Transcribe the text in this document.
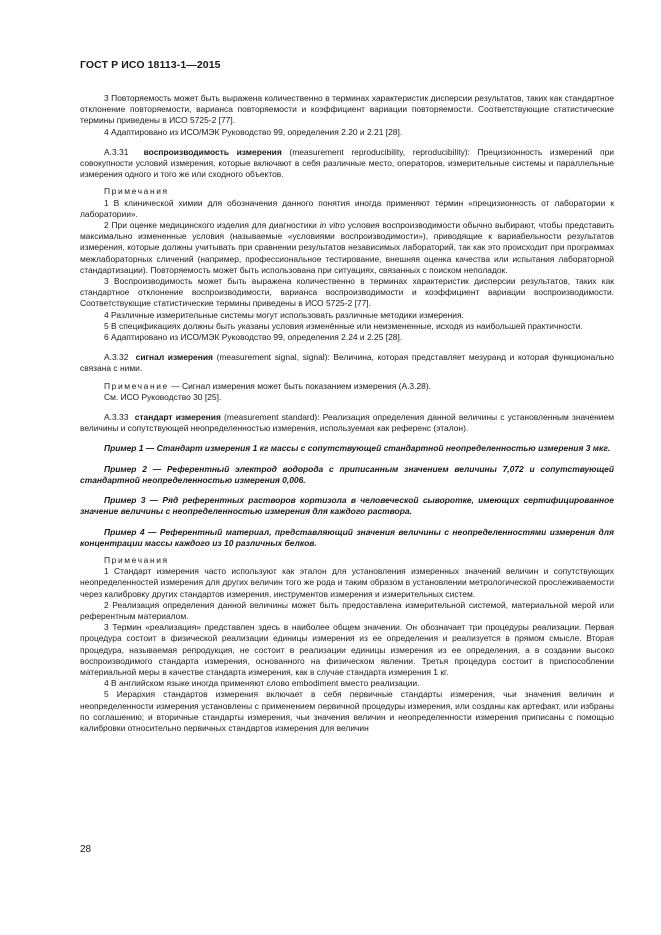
ГОСТ Р ИСО 18113-1—2015

3 Повторяемость может быть выражена количественно в терминах характеристик дисперсии результатов, таких как стандартное отклонение повторяемости, варианса повторяемости и коэффициент вариации повторяемости. Соответствующие статистические термины приведены в ИСО 5725-2 [77].

4 Адаптировано из ИСО/МЭК Руководство 99, определения 2.20 и 2.21 [28].

А.3.31 воспроизводимость измерения (measurement reproducibility, reproducibility): Прецизионность измерений при совокупности условий измерения, которые включают в себя различные место, операторов, измерительные системы и параллельные измерения одного и того же или сходного объектов.

Примечания

1 В клинической химии для обозначения данного понятия иногда применяют термин «прецизионность от лаборатории к лаборатории».

2 При оценке медицинского изделия для диагностики in vitro условия воспроизводимости обычно выбирают, чтобы представить максимально измененные условия (называемые «условиями воспроизводимости»), приводящие к вариабельности результатов измерения, которые должны учитывать при сравнении результатов независимых лабораторий, так как это происходит при программах межлабораторных сличений (например, профессиональное тестирование, внешняя оценка качества или испытания лабораторной стандартизации). Повторяемость может быть использована при ситуациях, связанных с поиском неполадок.

3 Воспроизводимость может быть выражена количественно в терминах характеристик дисперсии результатов, таких как стандартное отклонение воспроизводимости, варианса воспроизводимости и коэффициент вариации воспроизводимости. Соответствующие статистические термины приведены в ИСО 5725-2 [77].

4 Различные измерительные системы могут использовать различные методики измерения.

5 В спецификациях должны быть указаны условия изменённые или неизмененные, исходя из наибольшей практичности.

6 Адаптировано из ИСО/МЭК Руководство 99, определения 2.24 и 2.25 [28].

А.3.32 сигнал измерения (measurement signal, signal): Величина, которая представляет мезуранд и которая функционально связана с ними.

Примечание — Сигнал измерения может быть показанием измерения (А.3.28).

См. ИСО Руководство 30 [25].

А.3.33 стандарт измерения (measurement standard): Реализация определения данной величины с установленным значением величины и сопутствующей неопределенностью измерения, используемая как референс (эталон).

Пример 1 — Стандарт измерения 1 кг массы с сопутствующей стандартной неопределенностью измерения 3 мкг.

Пример 2 — Референтный электрод водорода с приписанным значением величины 7,072 и сопутствующей стандартной неопределенностью измерения 0,006.

Пример 3 — Ряд референтных растворов кортизола в человеческой сыворотке, имеющих сертифицированное значение величины с неопределенностью измерения для каждого раствора.

Пример 4 — Референтный материал, представляющий значения величины с неопределенностями измерения для концентрации массы каждого из 10 различных белков.

Примечания

1 Стандарт измерения часто используют как эталон для установления измеренных значений величин и сопутствующих неопределенностей измерения для других величин того же рода и таким образом в установлении метрологической прослеживаемости через калибровку других стандартов измерения, инструментов измерения и измерительных систем.

2 Реализация определения данной величины может быть предоставлена измерительной системой, материальной мерой или референтным материалом.

3 Термин «реализация» представлен здесь в наиболее общем значении. Он обозначает три процедуры реализации. Первая процедура состоит в физической реализации единицы измерения из ее определения и реализуется в прямом смысле. Вторая процедура, называемая репродукция, не состоит в реализации единицы измерения из ее определения, а в создании высоко воспроизводимого стандарта измерения, основанного на физическом явлении. Третья процедура состоит в приспособлении материальной меры в качестве стандарта измерения, как в случае стандарта измерения 1 кг.

4 В английском языке иногда применяют слово embodiment вместо реализации.

5 Иерархия стандартов измерения включает в себя первичные стандарты измерения, чьи значения величин и неопределенности измерения установлены с применением первичной процедуры измерения, или созданы как артефакт, или избраны по соглашению; и вторичные стандарты измерения, чьи значения величин и неопределенности измерения приписаны с помощью калибровки относительно первичных стандартов измерения для величин

28
